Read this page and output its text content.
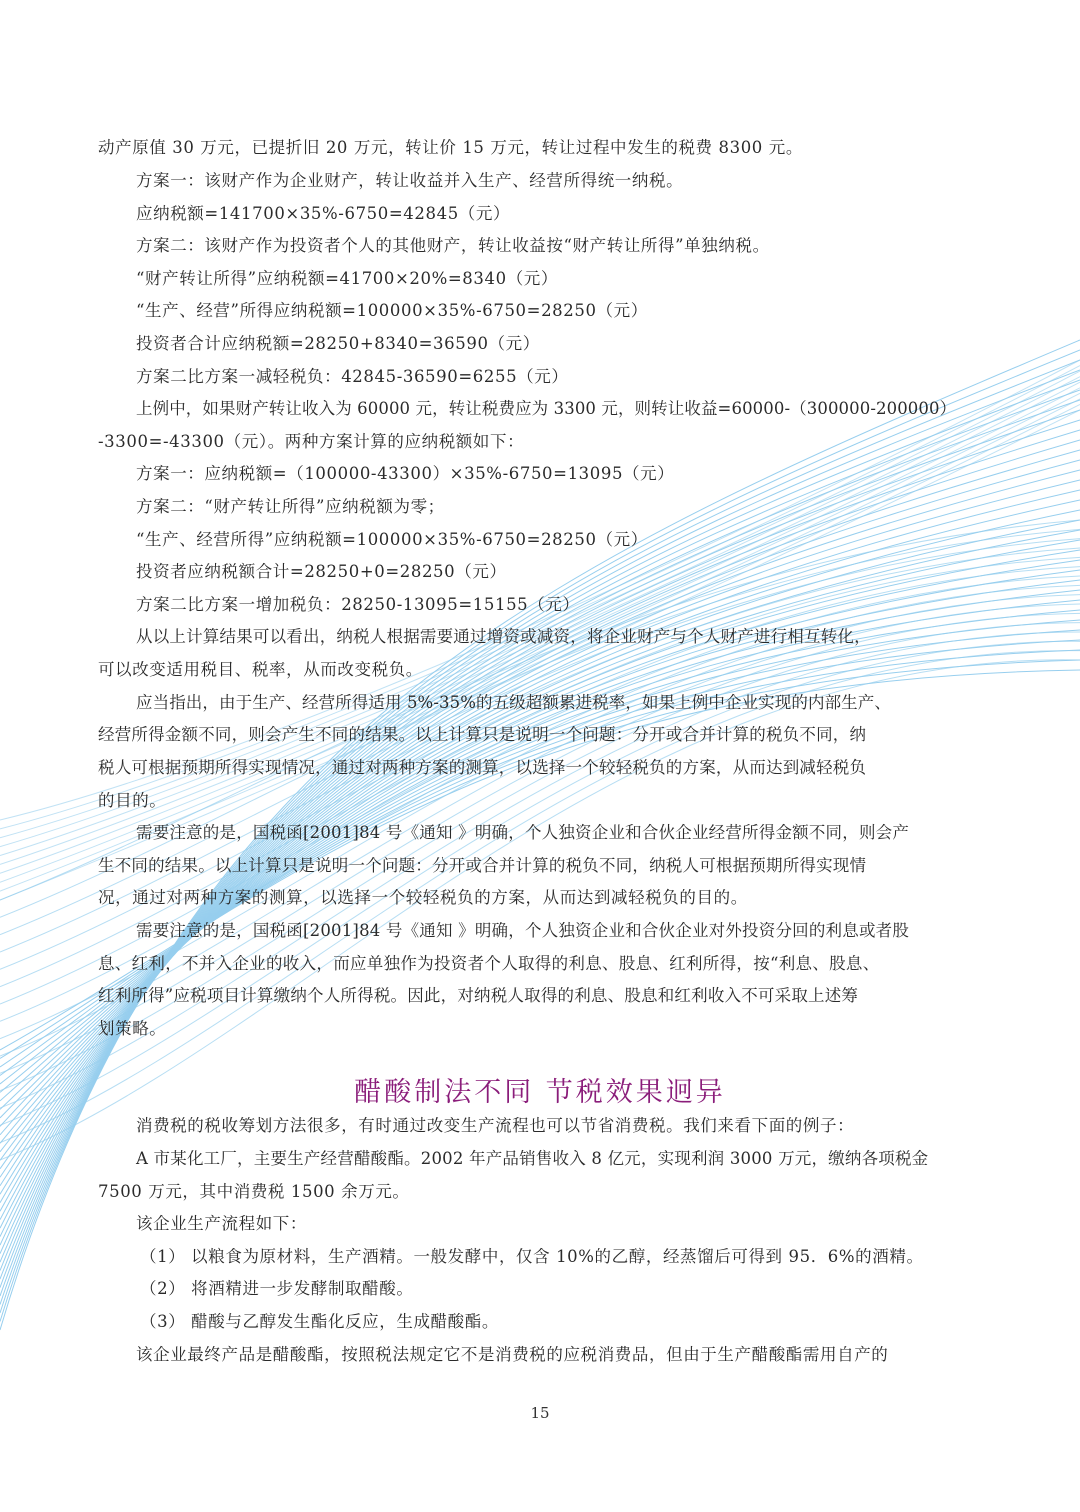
动产原值 30 万元，已提折旧 20 万元，转让价 15 万元，转让过程中发生的税费 8300 元。
方案一：该财产作为企业财产，转让收益并入生产、经营所得统一纳税。
应纳税额=141700×35%-6750=42845（元）
方案二：该财产作为投资者个人的其他财产，转让收益按“财产转让所得”单独纳税。
“财产转让所得”应纳税额=41700×20%=8340（元）
“生产、经营”所得应纳税额=100000×35%-6750=28250（元）
投资者合计应纳税额=28250+8340=36590（元）
方案二比方案一减轻税负：42845-36590=6255（元）
上例中，如果财产转让收入为 60000 元，转让税费应为 3300 元，则转让收益=60000-（300000-200000）
-3300=-43300（元）。两种方案计算的应纳税额如下：
方案一：应纳税额=（100000-43300）×35%-6750=13095（元）
方案二：“财产转让所得”应纳税额为零；
“生产、经营所得”应纳税额=100000×35%-6750=28250（元）
投资者应纳税额合计=28250+0=28250（元）
方案二比方案一增加税负：28250-13095=15155（元）
从以上计算结果可以看出，纳税人根据需要通过增资或减资，将企业财产与个人财产进行相互转化，
可以改变适用税目、税率，从而改变税负。
应当指出，由于生产、经营所得适用 5%-35%的五级超额累进税率，如果上例中企业实现的内部生产、
经营所得金额不同，则会产生不同的结果。以上计算只是说明一个问题：分开或合并计算的税负不同，纳
税人可根据预期所得实现情况，通过对两种方案的测算，以选择一个较轻税负的方案，从而达到减轻税负
的目的。
需要注意的是，国税函[2001]84 号《通知 》明确，个人独资企业和合伙企业经营所得金额不同，则会产
生不同的结果。以上计算只是说明一个问题：分开或合并计算的税负不同，纳税人可根据预期所得实现情
况，通过对两种方案的测算，以选择一个较轻税负的方案，从而达到减轻税负的目的。
需要注意的是，国税函[2001]84 号《通知 》明确，个人独资企业和合伙企业对外投资分回的利息或者股
息、红利，不并入企业的收入，而应单独作为投资者个人取得的利息、股息、红利所得，按“利息、股息、
红利所得”应税项目计算缴纳个人所得税。因此，对纳税人取得的利息、股息和红利收入不可采取上述筹
划策略。
醋酸制法不同 节税效果迥异
消费税的税收筹划方法很多，有时通过改变生产流程也可以节省消费税。我们来看下面的例子：
A 市某化工厂，主要生产经营醋酸酯。2002 年产品销售收入 8 亿元，实现利润 3000 万元，缴纳各项税金
7500 万元，其中消费税 1500 余万元。
该企业生产流程如下：
（1） 以粮食为原材料，生产酒精。一般发酵中，仅含 10%的乙醇，经蒸馏后可得到 95．6%的酒精。
（2） 将酒精进一步发酵制取醋酸。
（3） 醋酸与乙醇发生酯化反应，生成醋酸酯。
该企业最终产品是醋酸酯，按照税法规定它不是消费税的应税消费品，但由于生产醋酸酯需用自产的
15
